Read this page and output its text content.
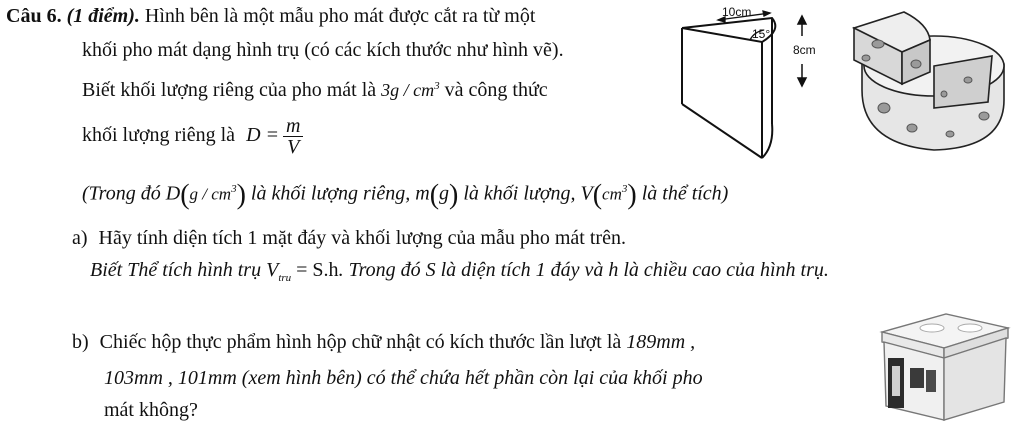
Câu 6. (1 điểm). Hình bên là một mẫu pho mát được cắt ra từ một
khối pho mát dạng hình trụ (có các kích thước như hình vẽ).
Biết khối lượng riêng của pho mát là $3g / cm^3$ và công thức
khối lượng riêng là $D = \frac{m}{V}$
(Trong đó $D(g / cm^3)$ là khối lượng riêng, m(g) là khối lượng, $V(cm^3)$ là thể tích)
a) Hãy tính diện tích 1 mặt đáy và khối lượng của mẫu pho mát trên.
Biết Thể tích hình trụ $V_{tru} = S.h$. Trong đó S là diện tích 1 đáy và h là chiều cao của hình trụ.
b) Chiếc hộp thực phẩm hình hộp chữ nhật có kích thước lần lượt là 189mm ,
103mm , 101mm (xem hình bên) có thể chứa hết phần còn lại của khối pho
mát không?
10cm
15°
8cm
